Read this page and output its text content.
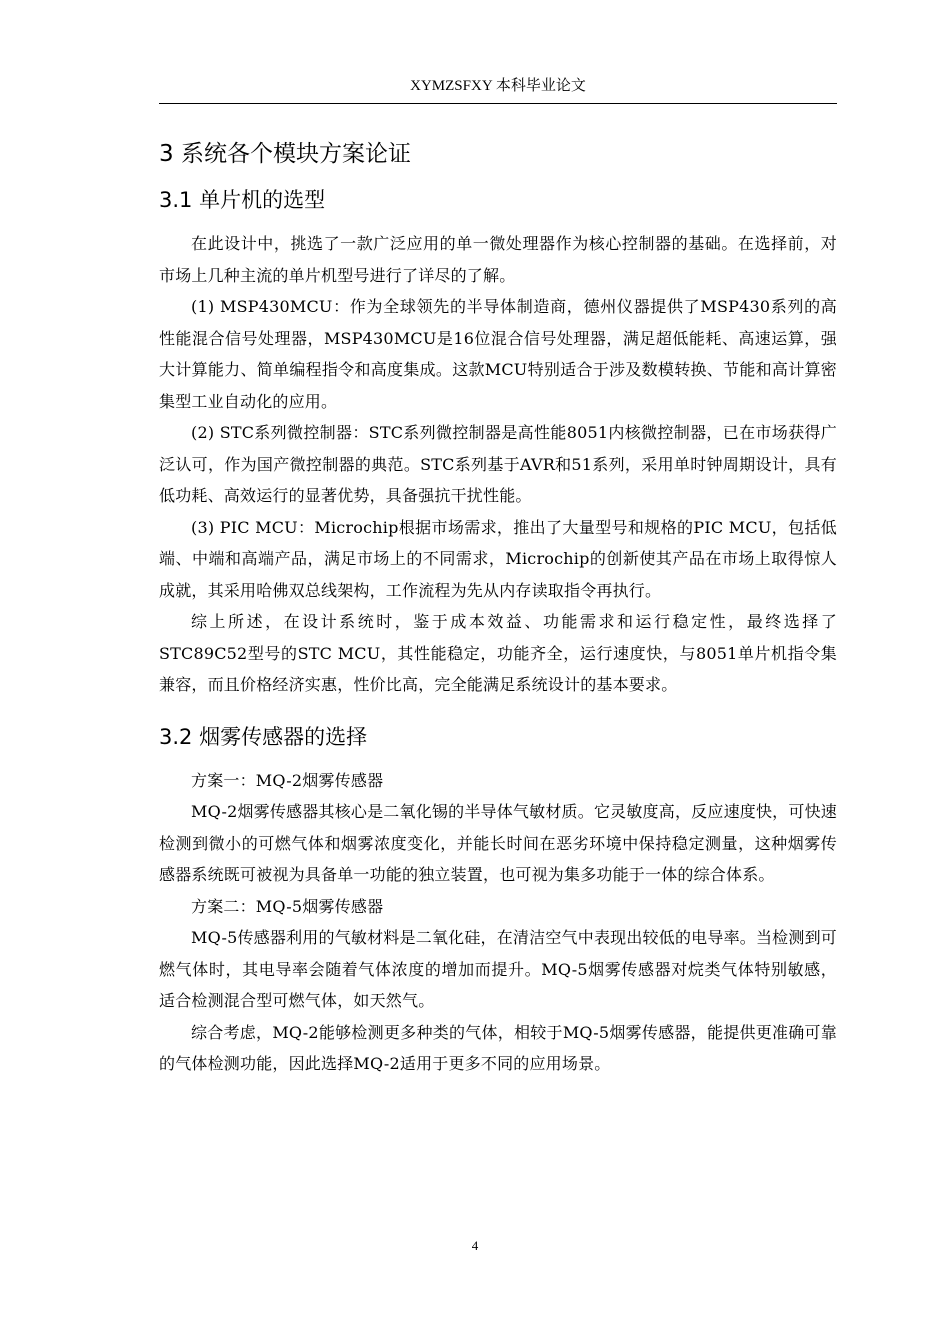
XYMZSFXY 本科毕业论文
3 系统各个模块方案论证
3.1 单片机的选型

在此设计中，挑选了一款广泛应用的单一微处理器作为核心控制器的基础。在选择前，对市场上几种主流的单片机型号进行了详尽的了解。

(1) MSP430MCU：作为全球领先的半导体制造商，德州仪器提供了MSP430系列的高性能混合信号处理器，MSP430MCU是16位混合信号处理器，满足超低能耗、高速运算，强大计算能力、简单编程指令和高度集成。这款MCU特别适合于涉及数模转换、节能和高计算密集型工业自动化的应用。

(2) STC系列微控制器：STC系列微控制器是高性能8051内核微控制器，已在市场获得广泛认可，作为国产微控制器的典范。STC系列基于AVR和51系列，采用单时钟周期设计，具有低功耗、高效运行的显著优势，具备强抗干扰性能。

(3) PIC MCU：Microchip根据市场需求，推出了大量型号和规格的PIC MCU，包括低端、中端和高端产品，满足市场上的不同需求，Microchip的创新使其产品在市场上取得惊人成就，其采用哈佛双总线架构，工作流程为先从内存读取指令再执行。

综上所述，在设计系统时，鉴于成本效益、功能需求和运行稳定性，最终选择了STC89C52型号的STC MCU，其性能稳定，功能齐全，运行速度快，与8051单片机指令集兼容，而且价格经济实惠，性价比高，完全能满足系统设计的基本要求。

3.2 烟雾传感器的选择

方案一：MQ-2烟雾传感器

MQ-2烟雾传感器其核心是二氧化锡的半导体气敏材质。它灵敏度高，反应速度快，可快速检测到微小的可燃气体和烟雾浓度变化，并能长时间在恶劣环境中保持稳定测量，这种烟雾传感器系统既可被视为具备单一功能的独立装置，也可视为集多功能于一体的综合体系。

方案二：MQ-5烟雾传感器

MQ-5传感器利用的气敏材料是二氧化硅，在清洁空气中表现出较低的电导率。当检测到可燃气体时，其电导率会随着气体浓度的增加而提升。MQ-5烟雾传感器对烷类气体特别敏感，适合检测混合型可燃气体，如天然气。

综合考虑，MQ-2能够检测更多种类的气体，相较于MQ-5烟雾传感器，能提供更准确可靠的气体检测功能，因此选择MQ-2适用于更多不同的应用场景。

4
